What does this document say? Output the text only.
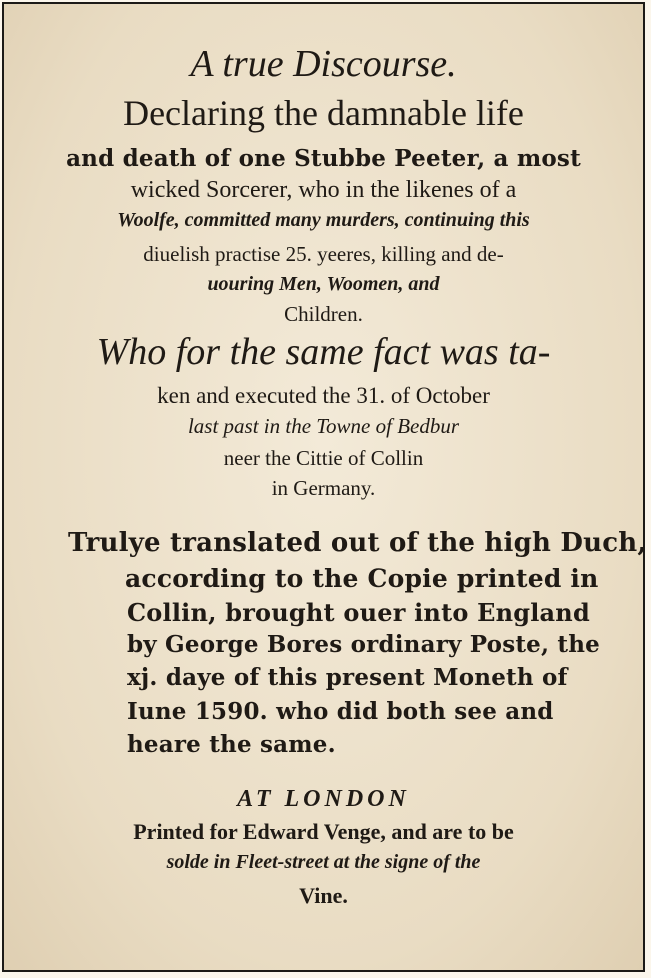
A true Discourse.
Declaring the damnable life
and death of one Stubbe Peeter, a most
wicked Sorcerer, who in the likenes of a
Woolfe, committed many murders, continuing this
diuelish practise 25. yeeres, killing and de-
uouring Men, Woomen, and
Children.
Who for the same fact was ta-
ken and executed the 31. of October
last past in the Towne of Bedbur
neer the Cittie of Collin
in Germany.
Trulye translated out of the high Duch,
according to the Copie printed in
Collin, brought ouer into England
by George Bores ordinary Poste, the
xj. daye of this present Moneth of
Iune 1590. who did both see and
heare the same.
AT LONDON
Printed for Edward Venge, and are to be
solde in Fleet-street at the signe of the
Vine.
